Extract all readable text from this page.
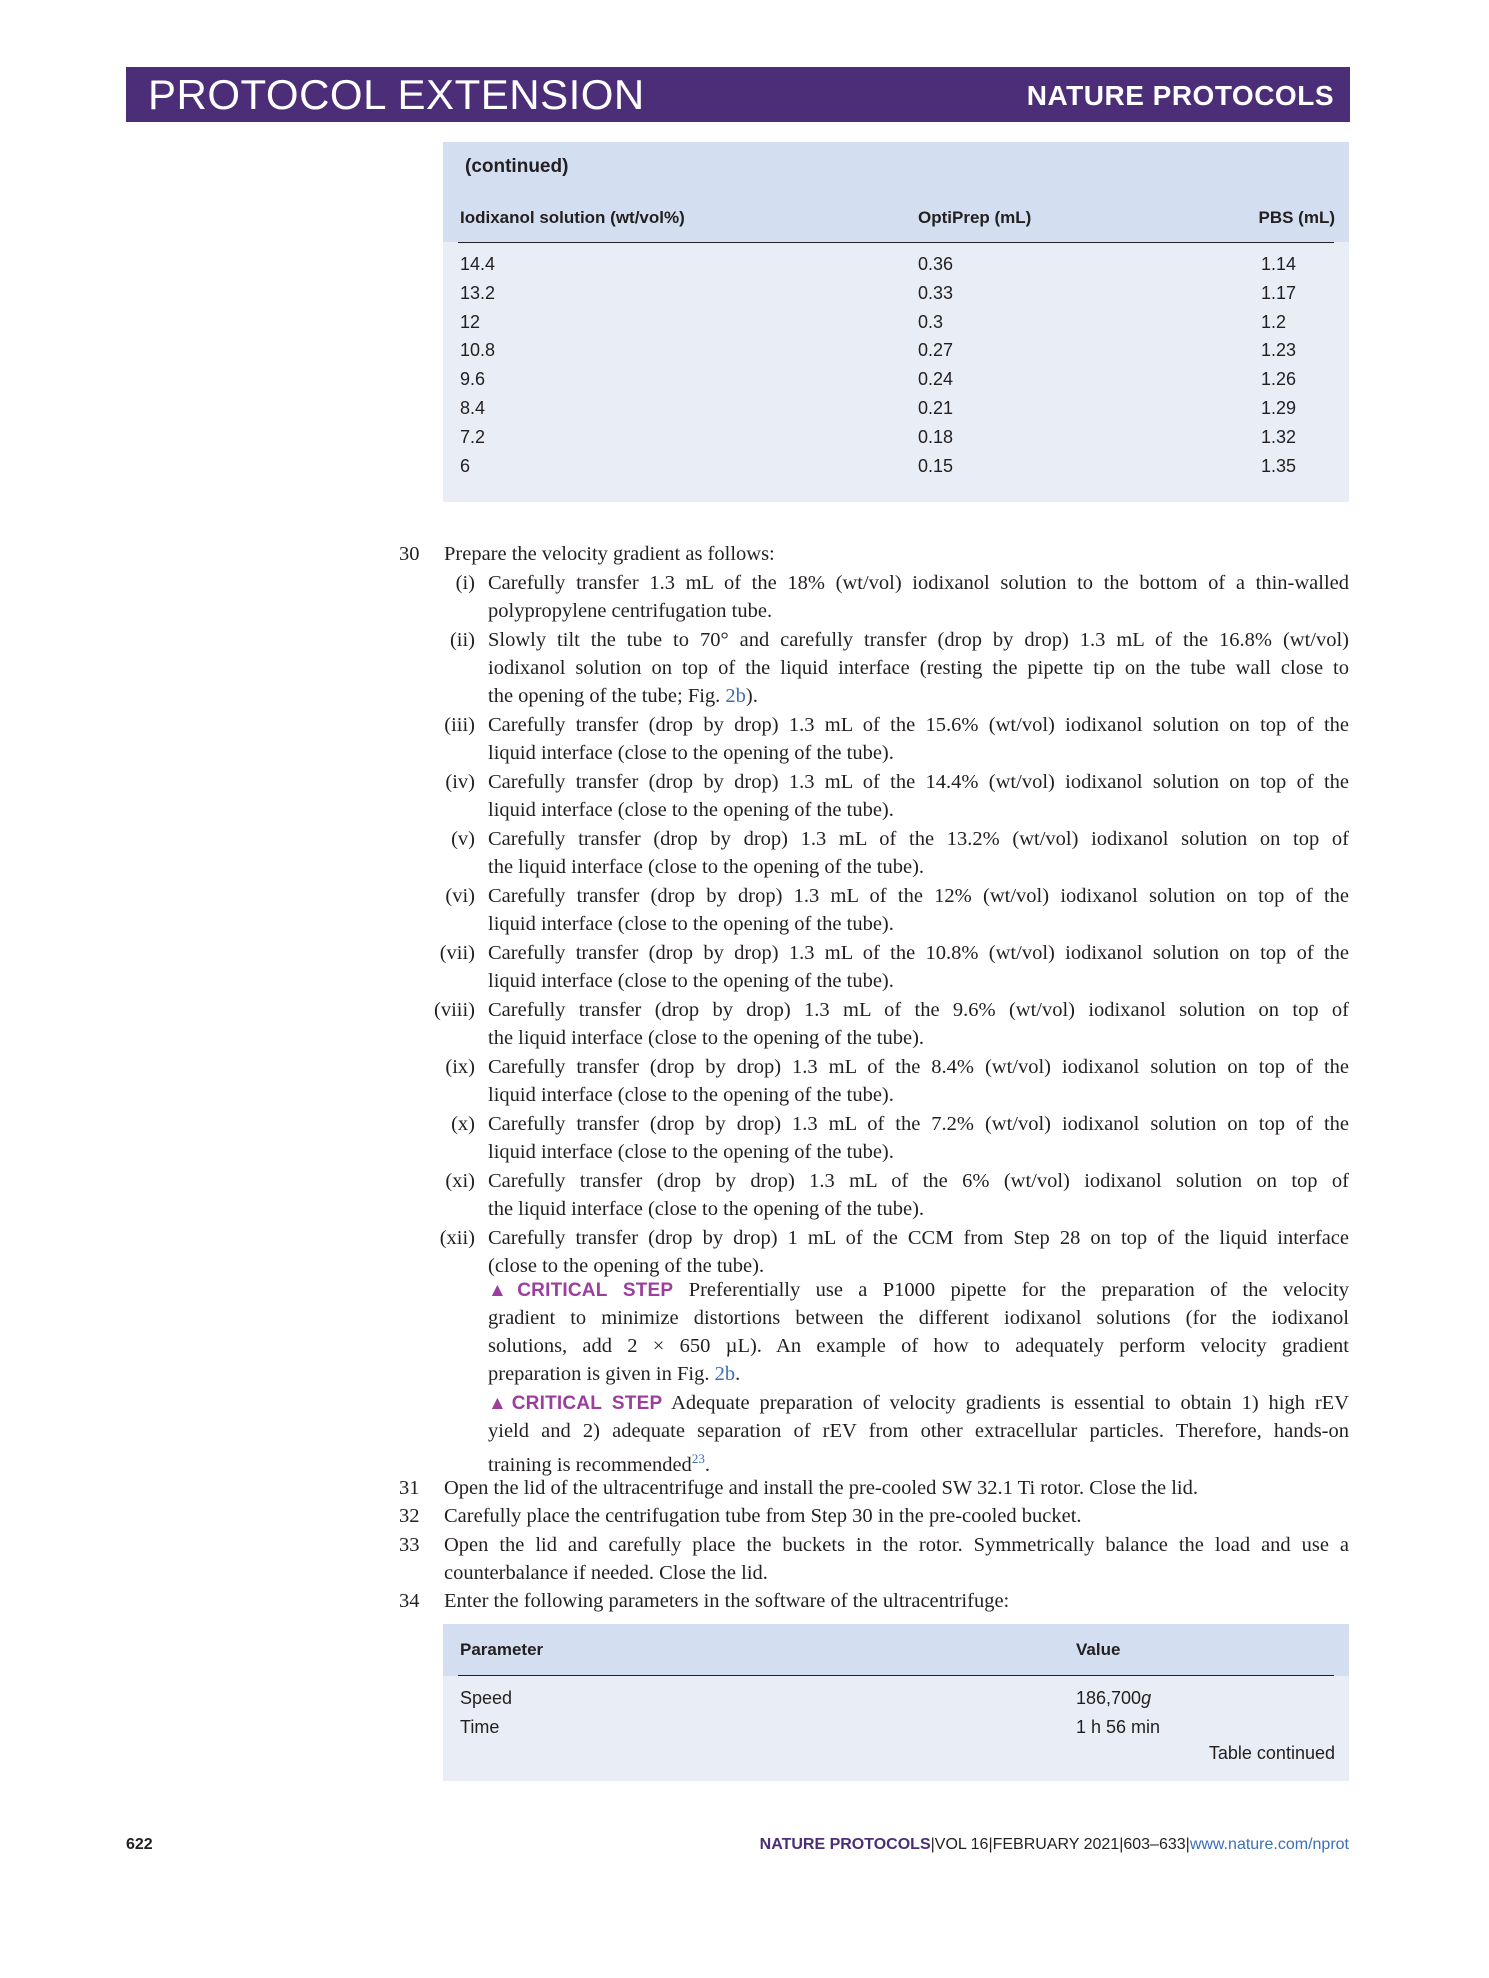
PROTOCOL EXTENSION	NATURE PROTOCOLS
(continued)
Iodixanol solution (wt/vol%)	OptiPrep (mL)	PBS (mL)
14.4	0.36	1.14
13.2	0.33	1.17
12	0.3	1.2
10.8	0.27	1.23
9.6	0.24	1.26
8.4	0.21	1.29
7.2	0.18	1.32
6	0.15	1.35
30 Prepare the velocity gradient as follows:
(i) Carefully transfer 1.3 mL of the 18% (wt/vol) iodixanol solution to the bottom of a thin-walled
polypropylene centrifugation tube.
(ii) Slowly tilt the tube to 70° and carefully transfer (drop by drop) 1.3 mL of the 16.8% (wt/vol)
iodixanol solution on top of the liquid interface (resting the pipette tip on the tube wall close to
the opening of the tube; Fig. 2b).
(iii) Carefully transfer (drop by drop) 1.3 mL of the 15.6% (wt/vol) iodixanol solution on top of the
liquid interface (close to the opening of the tube).
(iv) Carefully transfer (drop by drop) 1.3 mL of the 14.4% (wt/vol) iodixanol solution on top of the
liquid interface (close to the opening of the tube).
(v) Carefully transfer (drop by drop) 1.3 mL of the 13.2% (wt/vol) iodixanol solution on top of
the liquid interface (close to the opening of the tube).
(vi) Carefully transfer (drop by drop) 1.3 mL of the 12% (wt/vol) iodixanol solution on top of the
liquid interface (close to the opening of the tube).
(vii) Carefully transfer (drop by drop) 1.3 mL of the 10.8% (wt/vol) iodixanol solution on top of the
liquid interface (close to the opening of the tube).
(viii) Carefully transfer (drop by drop) 1.3 mL of the 9.6% (wt/vol) iodixanol solution on top of
the liquid interface (close to the opening of the tube).
(ix) Carefully transfer (drop by drop) 1.3 mL of the 8.4% (wt/vol) iodixanol solution on top of the
liquid interface (close to the opening of the tube).
(x) Carefully transfer (drop by drop) 1.3 mL of the 7.2% (wt/vol) iodixanol solution on top of the
liquid interface (close to the opening of the tube).
(xi) Carefully transfer (drop by drop) 1.3 mL of the 6% (wt/vol) iodixanol solution on top of
the liquid interface (close to the opening of the tube).
(xii) Carefully transfer (drop by drop) 1 mL of the CCM from Step 28 on top of the liquid interface
(close to the opening of the tube).
▲CRITICAL STEP Preferentially use a P1000 pipette for the preparation of the velocity
gradient to minimize distortions between the different iodixanol solutions (for the iodixanol
solutions, add 2 × 650 µL). An example of how to adequately perform velocity gradient
preparation is given in Fig. 2b.
▲CRITICAL STEP Adequate preparation of velocity gradients is essential to obtain 1) high rEV
yield and 2) adequate separation of rEV from other extracellular particles. Therefore, hands-on
training is recommended$^{23}$.
31 Open the lid of the ultracentrifuge and install the pre-cooled SW 32.1 Ti rotor. Close the lid.
32 Carefully place the centrifugation tube from Step 30 in the pre-cooled bucket.
33 Open the lid and carefully place the buckets in the rotor. Symmetrically balance the load and use a
counterbalance if needed. Close the lid.
34 Enter the following parameters in the software of the ultracentrifuge:
Parameter	Value
Speed	186,700g
Time	1 h 56 min
Table continued
622	NATURE PROTOCOLS|VOL 16|FEBRUARY 2021|603–633|www.nature.com/nprot
